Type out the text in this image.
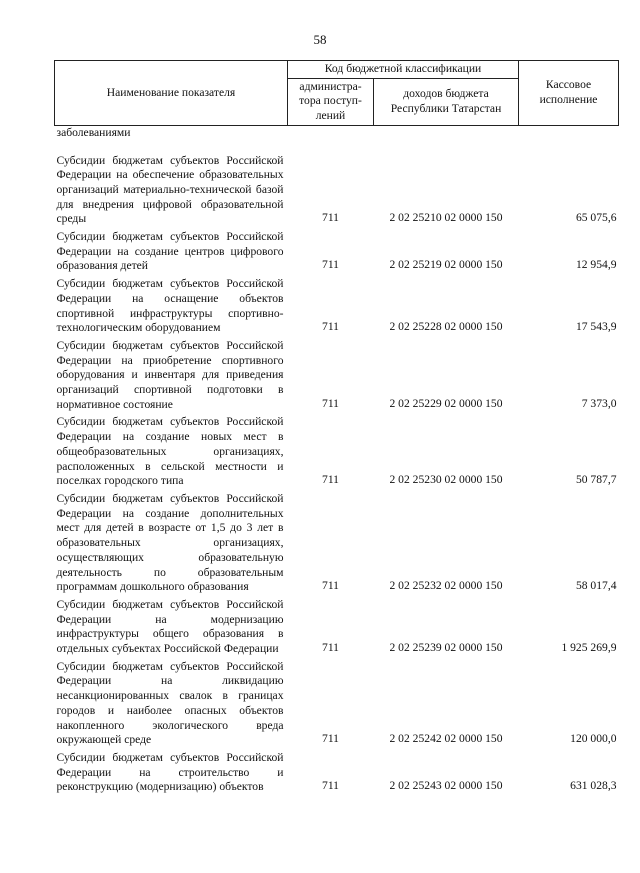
58
Наименование показателя	Код бюджетной классификации		Кассовое исполнение
	администра-тора поступ-лений	доходов бюджета Республики Татарстан	
заболеваниями			
Субсидии бюджетам субъектов Российской Федерации на обеспечение образовательных организаций материально-технической базой для внедрения цифровой образовательной среды	711	2 02 25210 02 0000 150	65 075,6
Субсидии бюджетам субъектов Российской Федерации на создание центров цифрового образования детей	711	2 02 25219 02 0000 150	12 954,9
Субсидии бюджетам субъектов Российской Федерации на оснащение объектов спортивной инфраструктуры спортивно-технологическим оборудованием	711	2 02 25228 02 0000 150	17 543,9
Субсидии бюджетам субъектов Российской Федерации на приобретение спортивного оборудования и инвентаря для приведения организаций спортивной подготовки в нормативное состояние	711	2 02 25229 02 0000 150	7 373,0
Субсидии бюджетам субъектов Российской Федерации на создание новых мест в общеобразовательных организациях, расположенных в сельской местности и поселках городского типа	711	2 02 25230 02 0000 150	50 787,7
Субсидии бюджетам субъектов Российской Федерации на создание дополнительных мест для детей в возрасте от 1,5 до 3 лет в образовательных организациях, осуществляющих образовательную деятельность по образовательным программам дошкольного образования	711	2 02 25232 02 0000 150	58 017,4
Субсидии бюджетам субъектов Российской Федерации на модернизацию инфраструктуры общего образования в отдельных субъектах Российской Федерации	711	2 02 25239 02 0000 150	1 925 269,9
Субсидии бюджетам субъектов Российской Федерации на ликвидацию несанкционированных свалок в границах городов и наиболее опасных объектов накопленного экологического вреда окружающей среде	711	2 02 25242 02 0000 150	120 000,0
Субсидии бюджетам субъектов Российской Федерации на строительство и реконструкцию (модернизацию) объектов	711	2 02 25243 02 0000 150	631 028,3
